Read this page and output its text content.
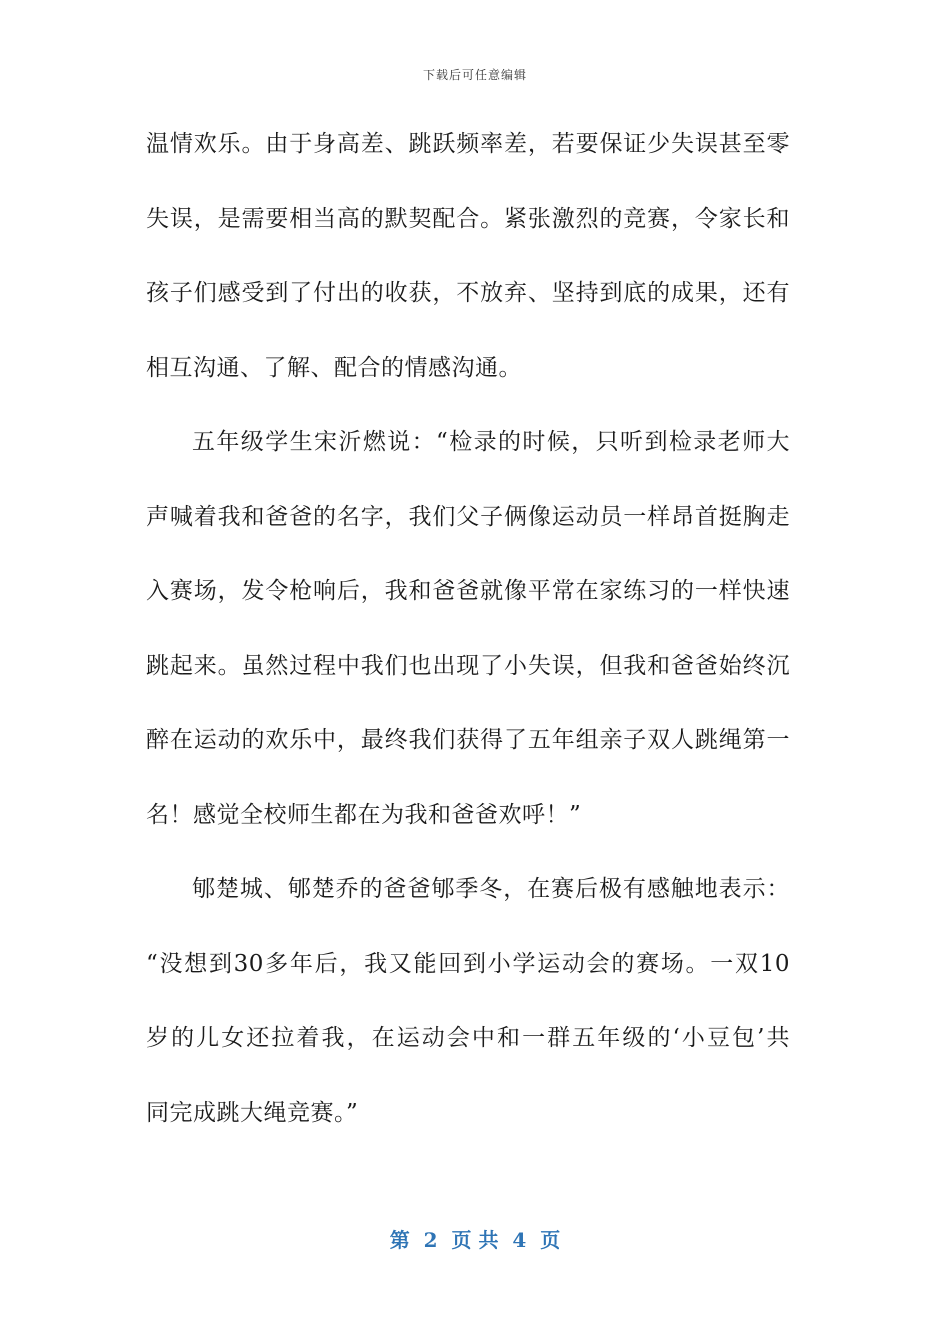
下载后可任意编辑
温情欢乐。由于身高差、跳跃频率差，若要保证少失误甚至零
失误，是需要相当高的默契配合。紧张激烈的竞赛，令家长和
孩子们感受到了付出的收获，不放弃、坚持到底的成果，还有
相互沟通、了解、配合的情感沟通。
五年级学生宋沂燃说：“检录的时候，只听到检录老师大
声喊着我和爸爸的名字，我们父子俩像运动员一样昂首挺胸走
入赛场，发令枪响后，我和爸爸就像平常在家练习的一样快速
跳起来。虽然过程中我们也出现了小失误，但我和爸爸始终沉
醉在运动的欢乐中，最终我们获得了五年组亲子双人跳绳第一
名！感觉全校师生都在为我和爸爸欢呼！”
郇楚城、郇楚乔的爸爸郇季冬，在赛后极有感触地表示：
“没想到30多年后，我又能回到小学运动会的赛场。一双10
岁的儿女还拉着我，在运动会中和一群五年级的‘小豆包’共
同完成跳大绳竞赛。”
第  2  页 共  4  页
